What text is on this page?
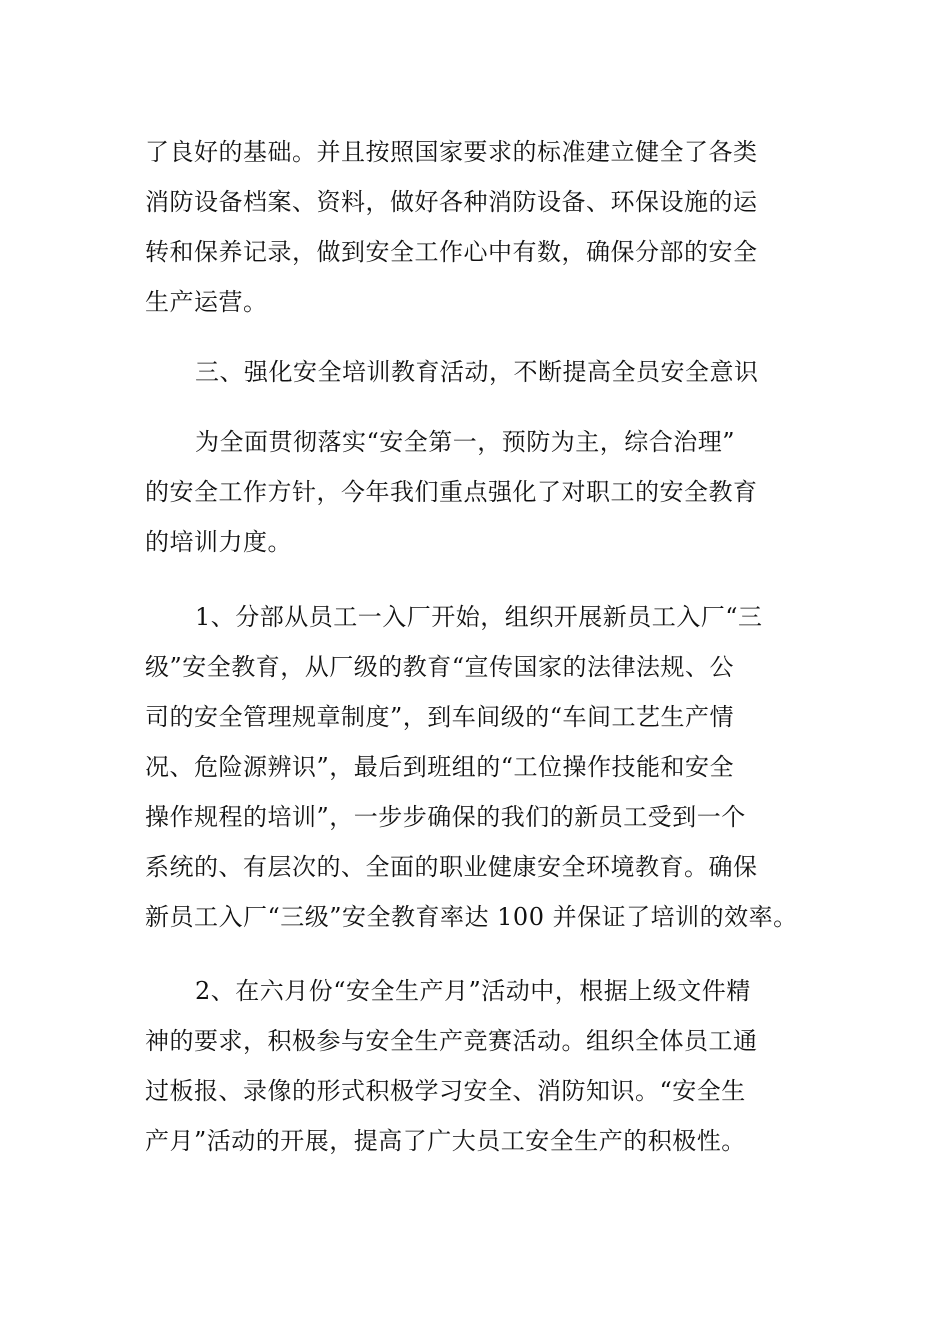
了良好的基础。并且按照国家要求的标准建立健全了各类
消防设备档案、资料，做好各种消防设备、环保设施的运
转和保养记录，做到安全工作心中有数，确保分部的安全
生产运营。
三、强化安全培训教育活动，不断提高全员安全意识
为全面贯彻落实“安全第一，预防为主，综合治理”
的安全工作方针，今年我们重点强化了对职工的安全教育
的培训力度。
1、分部从员工一入厂开始，组织开展新员工入厂“三
级”安全教育，从厂级的教育“宣传国家的法律法规、公
司的安全管理规章制度”，到车间级的“车间工艺生产情
况、危险源辨识”，最后到班组的“工位操作技能和安全
操作规程的培训”，一步步确保的我们的新员工受到一个
系统的、有层次的、全面的职业健康安全环境教育。确保
新员工入厂“三级”安全教育率达 100 并保证了培训的效率。
2、在六月份“安全生产月”活动中，根据上级文件精
神的要求，积极参与安全生产竞赛活动。组织全体员工通
过板报、录像的形式积极学习安全、消防知识。“安全生
产月”活动的开展，提高了广大员工安全生产的积极性。
